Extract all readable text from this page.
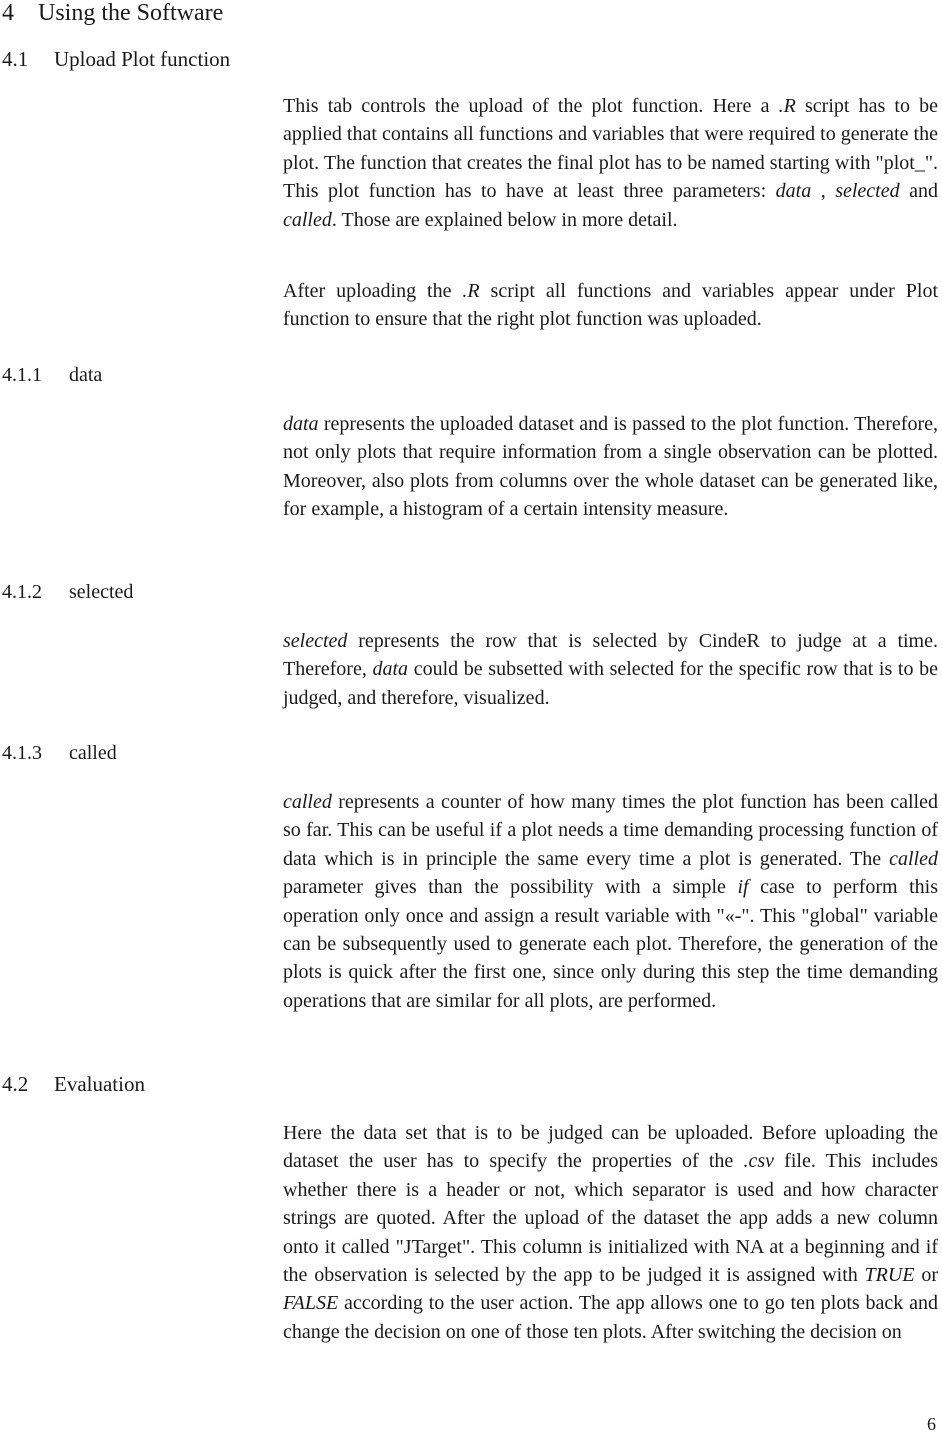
4 Using the Software
4.1 Upload Plot function

This tab controls the upload of the plot function. Here a .R script has to be applied that contains all functions and variables that were required to generate the plot. The function that creates the final plot has to be named starting with "plot_". This plot function has to have at least three parameters: data , selected and called. Those are explained below in more detail.

After uploading the .R script all functions and variables appear under Plot function to ensure that the right plot function was uploaded.

4.1.1 data

data represents the uploaded dataset and is passed to the plot function. Therefore, not only plots that require information from a single observation can be plotted. Moreover, also plots from columns over the whole dataset can be generated like, for example, a histogram of a certain intensity measure.

4.1.2 selected

selected represents the row that is selected by CindeR to judge at a time. Therefore, data could be subsetted with selected for the specific row that is to be judged, and therefore, visualized.

4.1.3 called

called represents a counter of how many times the plot function has been called so far. This can be useful if a plot needs a time demanding processing function of data which is in principle the same every time a plot is generated. The called parameter gives than the possibility with a simple if case to perform this operation only once and assign a result variable with "«-". This "global" variable can be subsequently used to generate each plot. Therefore, the generation of the plots is quick after the first one, since only during this step the time demanding operations that are similar for all plots, are performed.

4.2 Evaluation

Here the data set that is to be judged can be uploaded. Before uploading the dataset the user has to specify the properties of the .csv file. This includes whether there is a header or not, which separator is used and how character strings are quoted. After the upload of the dataset the app adds a new column onto it called "JTarget". This column is initialized with NA at a beginning and if the observation is selected by the app to be judged it is assigned with TRUE or FALSE according to the user action. The app allows one to go ten plots back and change the decision on one of those ten plots. After switching the decision on

6
